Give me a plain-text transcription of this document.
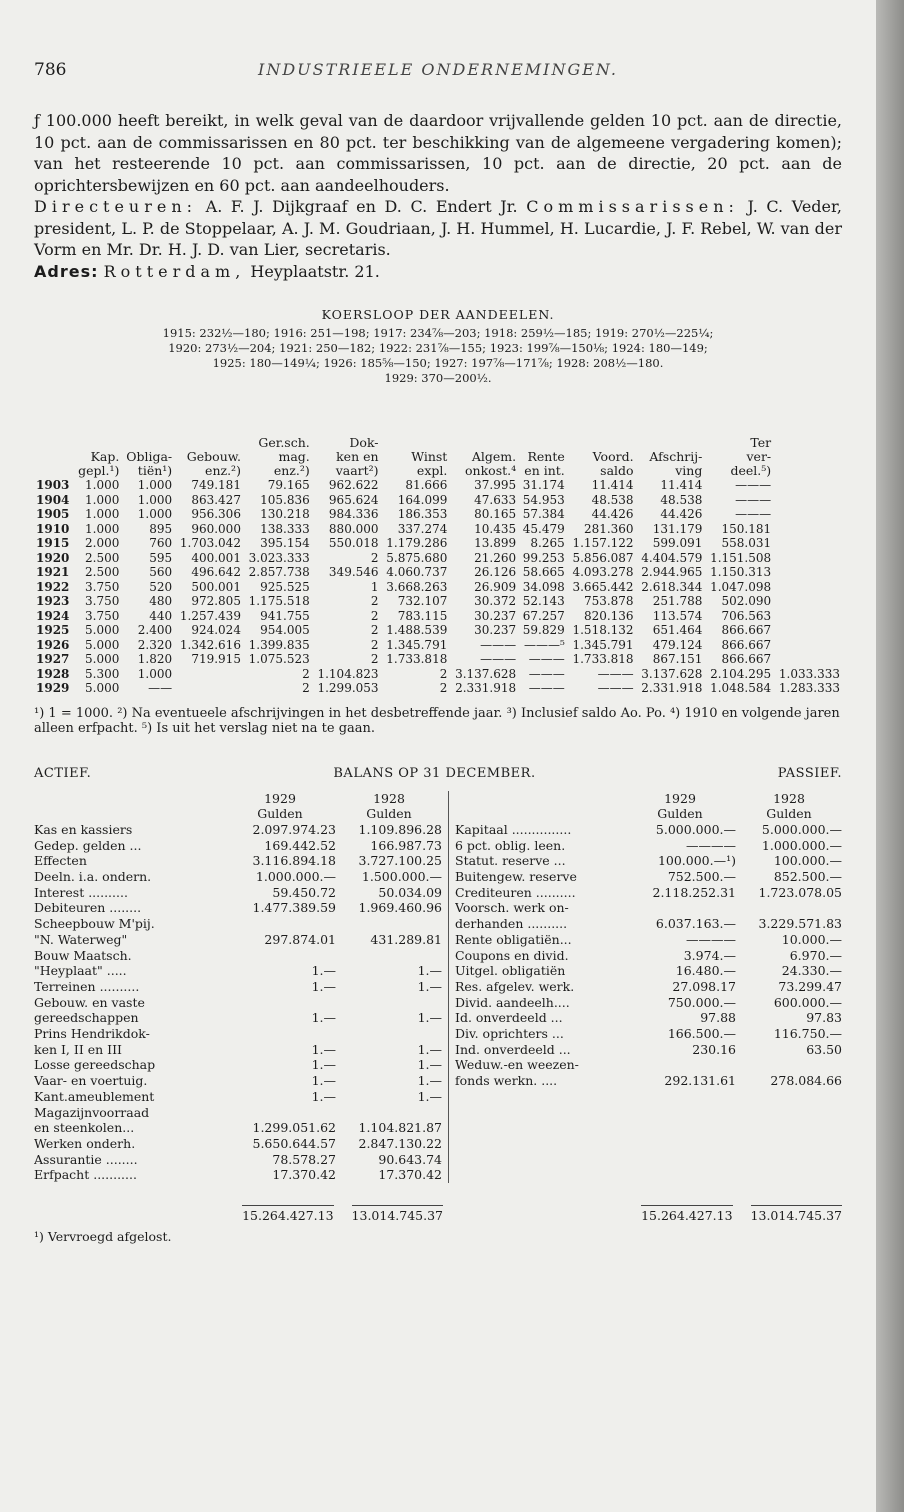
786	INDUSTRIEELE ONDERNEMINGEN.

ƒ 100.000 heeft bereikt, in welk geval van de daardoor vrijvallende gelden 10 pct. aan de directie, 10 pct. aan de commissarissen en 80 pct. ter beschikking van de algemeene vergadering komen); van het resteerende 10 pct. aan commissarissen, 10 pct. aan de directie, 20 pct. aan de oprichtersbewijzen en 60 pct. aan aandeelhouders.

Directeuren: A. F. J. Dijkgraaf en D. C. Endert Jr. Commissarissen: J. C. Veder, president, L. P. de Stoppelaar, A. J. M. Goudriaan, J. H. Hummel, H. Lucardie, J. F. Rebel, W. van der Vorm en Mr. Dr. H. J. D. van Lier, secretaris.

Adres: Rotterdam, Heyplaatstr. 21.

KOERSLOOP DER AANDEELEN.
1915: 232½—180; 1916: 251—198; 1917: 234⅞—203; 1918: 259½—185; 1919: 270½—225¼;
1920: 273½—204; 1921: 250—182; 1922: 231⅞—155; 1923: 199⅞—150⅛; 1924: 180—149;
1925: 180—149¼; 1926: 185⅝—150; 1927: 197⅞—171⅞; 1928: 208½—180.
1929: 370—200½.
				Ger.sch.	Dok-						Ter	
	Kap.	Obliga-	Gebouw.	mag.	ken en	Winst	Algem.	Rente	Voord.	Afschrij-	ver-	
	gepl.¹)	tiën¹)	enz.²)	enz.²)	vaart²)	expl.	onkost.⁴	en int.	saldo	ving	deel.⁵)	
1903	1.000	1.000	749.181	79.165	962.622	81.666	37.995	31.174	11.414	11.414	———	
1904	1.000	1.000	863.427	105.836	965.624	164.099	47.633	54.953	48.538	48.538	———	
1905	1.000	1.000	956.306	130.218	984.336	186.353	80.165	57.384	44.426	44.426	———	
1910	1.000	895	960.000	138.333	880.000	337.274	10.435	45.479	281.360	131.179	150.181	
1915	2.000	760	1.703.042	395.154	550.018	1.179.286	13.899	8.265	1.157.122	599.091	558.031	
1920	2.500	595	400.001	3.023.333	2	5.875.680	21.260	99.253	5.856.087	4.404.579	1.151.508	
1921	2.500	560	496.642	2.857.738	349.546	4.060.737	26.126	58.665	4.093.278	2.944.965	1.150.313	
1922	3.750	520	500.001	925.525	1	3.668.263	26.909	34.098	3.665.442	2.618.344	1.047.098	
1923	3.750	480	972.805	1.175.518	2	732.107	30.372	52.143	753.878	251.788	502.090	
1924	3.750	440	1.257.439	941.755	2	783.115	30.237	67.257	820.136	113.574	706.563	
1925	5.000	2.400	924.024	954.005	2	1.488.539	30.237	59.829	1.518.132	651.464	866.667	
1926	5.000	2.320	1.342.616	1.399.835	2	1.345.791	———	———⁵	1.345.791	479.124	866.667	
1927	5.000	1.820	719.915	1.075.523	2	1.733.818	———	———	1.733.818	867.151	866.667	
1928	5.300	1.000		2	1.104.823	2	3.137.628	———	———	3.137.628	2.104.295	1.033.333
1929	5.000	——		2	1.299.053	2	2.331.918	———	———	2.331.918	1.048.584	1.283.333
¹) 1 = 1000. ²) Na eventueele afschrijvingen in het desbetreffende jaar. ³) Inclusief saldo Ao. Po. ⁴) 1910 en volgende jaren alleen erfpacht. ⁵) Is uit het verslag niet na te gaan.
ACTIEF.	BALANS OP 31 DECEMBER.	PASSIEF.
1929	1928
Gulden	Gulden
Kas en kassiers	2.097.974.23	1.109.896.28
Gedep. gelden ...	169.442.52	166.987.73
Effecten	3.116.894.18	3.727.100.25
Deeln. i.a. ondern.	1.000.000.—	1.500.000.—
Interest ..........	59.450.72	50.034.09
Debiteuren ........	1.477.389.59	1.969.460.96
Scheepbouw M'pij.
"N. Waterweg"	297.874.01	431.289.81
Bouw Maatsch.
"Heyplaat" .....	1.—	1.—
Terreinen ..........	1.—	1.—
Gebouw. en vaste
gereedschappen	1.—	1.—
Prins Hendrikdok-
ken I, II en III	1.—	1.—
Losse gereedschap	1.—	1.—
Vaar- en voertuig.	1.—	1.—
Kant.ameublement	1.—	1.—
Magazijnvoorraad
en steenkolen...	1.299.051.62	1.104.821.87
Werken onderh.	5.650.644.57	2.847.130.22
Assurantie ........	78.578.27	90.643.74
Erfpacht ...........	17.370.42	17.370.42
1929	1928
Gulden	Gulden
Kapitaal ...............	5.000.000.—	5.000.000.—
6 pct. oblig. leen.	————	1.000.000.—
Statut. reserve ...	100.000.—¹)	100.000.—
Buitengew. reserve	752.500.—	852.500.—
Crediteuren ..........	2.118.252.31	1.723.078.05
Voorsch. werk on-
derhanden ..........	6.037.163.—	3.229.571.83
Rente obligatiën...	————	10.000.—
Coupons en divid.	3.974.—	6.970.—
Uitgel. obligatiën	16.480.—	24.330.—
Res. afgelev. werk.	27.098.17	73.299.47
Divid. aandeelh....	750.000.—	600.000.—
Id. onverdeeld ...	97.88	97.83
Div. oprichters ...	166.500.—	116.750.—
Ind. onverdeeld ...	230.16	63.50
Weduw.-en weezen-
fonds werkn. ....	292.131.61	278.084.66
15.264.427.13 13.014.745.37	15.264.427.13 13.014.745.37
¹) Vervroegd afgelost.
